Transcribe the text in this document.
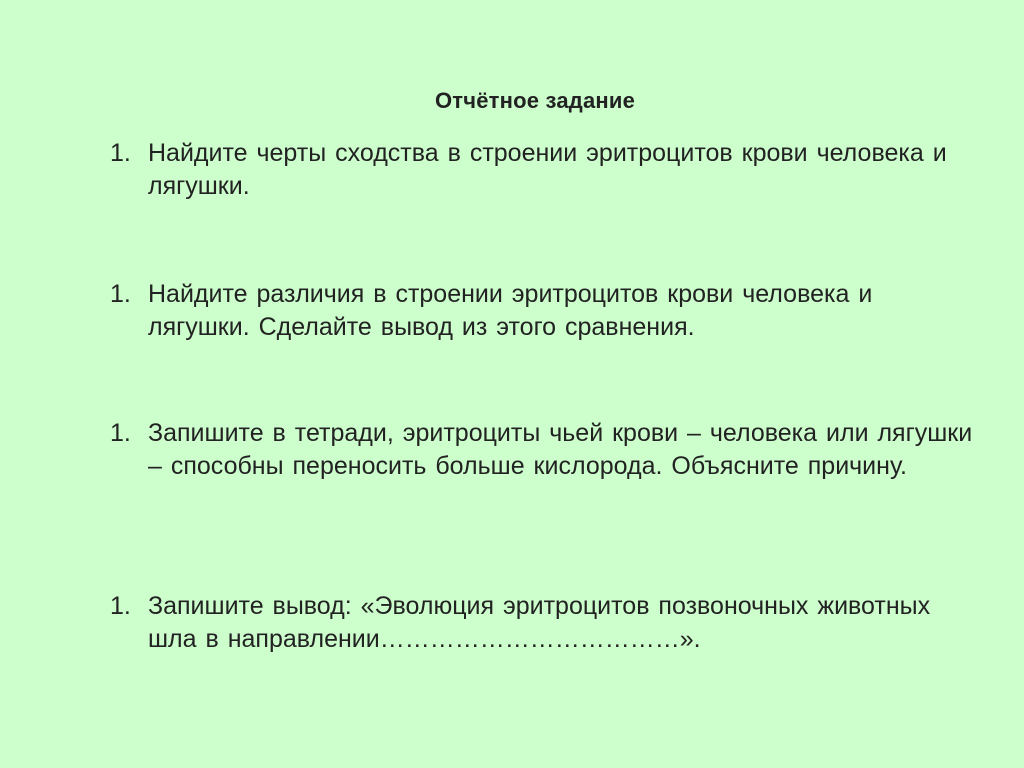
Отчётное задание
1. Найдите черты сходства в строении эритроцитов крови человека и лягушки.
1. Найдите различия в строении эритроцитов крови человека и лягушки. Сделайте вывод из этого сравнения.
1. Запишите в тетради, эритроциты чьей крови – человека или лягушки – способны переносить больше кислорода. Объясните причину.
1. Запишите вывод: «Эволюция эритроцитов позвоночных животных шла в направлении………………………………».
